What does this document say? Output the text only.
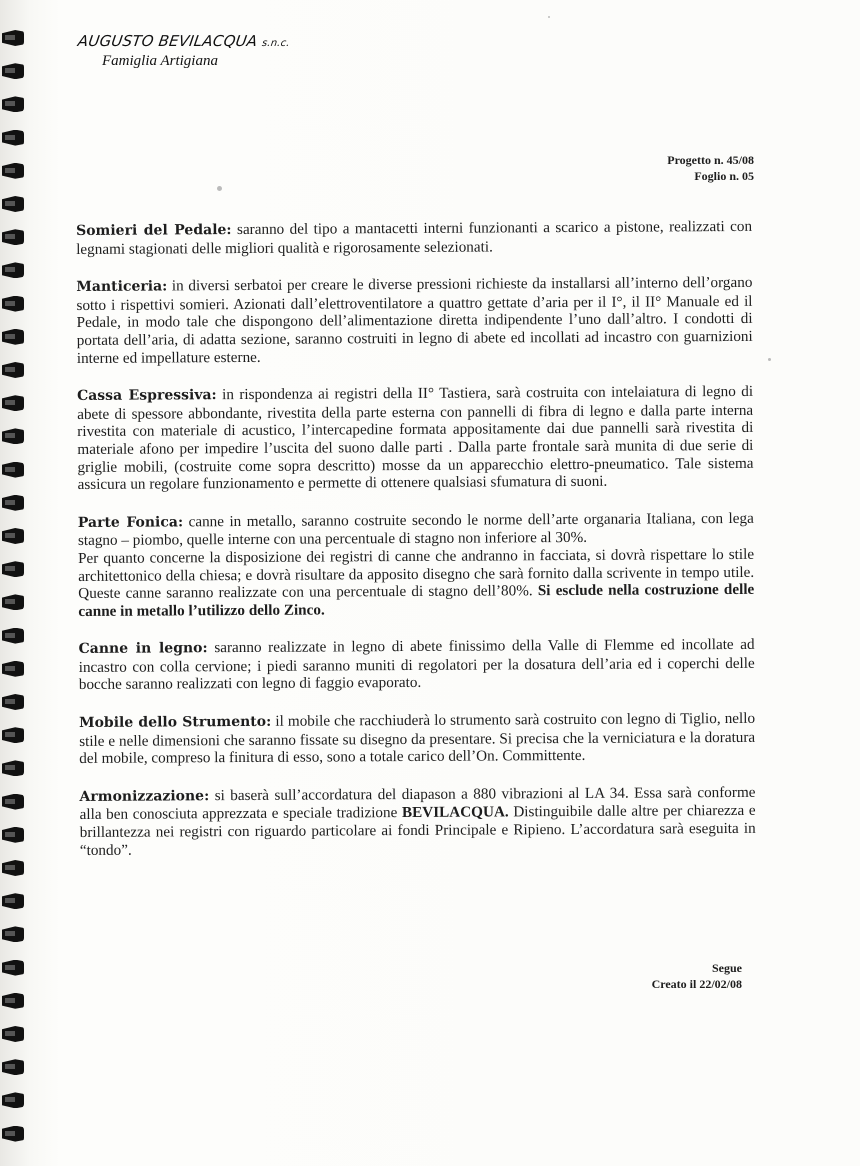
AUGUSTO BEVILACQUA s.n.c.
Famiglia Artigiana
Progetto n. 45/08
Foglio n. 05

Somieri del Pedale: saranno del tipo a mantacetti interni funzionanti a scarico a pistone, realizzati con legnami stagionati delle migliori qualità e rigorosamente selezionati.

Manticeria: in diversi serbatoi per creare le diverse pressioni richieste da installarsi all’interno dell’organo sotto i rispettivi somieri. Azionati dall’elettroventilatore a quattro gettate d’aria per il I°, il II° Manuale ed il Pedale, in modo tale che dispongono dell’alimentazione diretta indipendente l’uno dall’altro. I condotti di portata dell’aria, di adatta sezione, saranno costruiti in legno di abete ed incollati ad incastro con guarnizioni interne ed impellature esterne.

Cassa Espressiva: in rispondenza ai registri della II° Tastiera, sarà costruita con intelaiatura di legno di abete di spessore abbondante, rivestita della parte esterna con pannelli di fibra di legno e dalla parte interna rivestita con materiale di acustico, l’intercapedine formata appositamente dai due pannelli sarà rivestita di materiale afono per impedire l’uscita del suono dalle parti . Dalla parte frontale sarà munita di due serie di griglie mobili, (costruite come sopra descritto) mosse da un apparecchio elettro-pneumatico. Tale sistema assicura un regolare funzionamento e permette di ottenere qualsiasi sfumatura di suoni.

Parte Fonica: canne in metallo, saranno costruite secondo le norme dell’arte organaria Italiana, con lega stagno – piombo, quelle interne con una percentuale di stagno non inferiore al 30%.
Per quanto concerne la disposizione dei registri di canne che andranno in facciata, si dovrà rispettare lo stile architettonico della chiesa; e dovrà risultare da apposito disegno che sarà fornito dalla scrivente in tempo utile. Queste canne saranno realizzate con una percentuale di stagno dell’80%. Si esclude nella costruzione delle canne in metallo l’utilizzo dello Zinco.

Canne in legno: saranno realizzate in legno di abete finissimo della Valle di Flemme ed incollate ad incastro con colla cervione; i piedi saranno muniti di regolatori per la dosatura dell’aria ed i coperchi delle bocche saranno realizzati con legno di faggio evaporato.

Mobile dello Strumento: il mobile che racchiuderà lo strumento sarà costruito con legno di Tiglio, nello stile e nelle dimensioni che saranno fissate su disegno da presentare. Si precisa che la verniciatura e la doratura del mobile, compreso la finitura di esso, sono a totale carico dell’On. Committente.

Armonizzazione: si baserà sull’accordatura del diapason a 880 vibrazioni al LA 34. Essa sarà conforme alla ben conosciuta apprezzata e speciale tradizione BEVILACQUA. Distinguibile dalle altre per chiarezza e brillantezza nei registri con riguardo particolare ai fondi Principale e Ripieno. L’accordatura sarà eseguita in “tondo”.

Segue
Creato il 22/02/08
